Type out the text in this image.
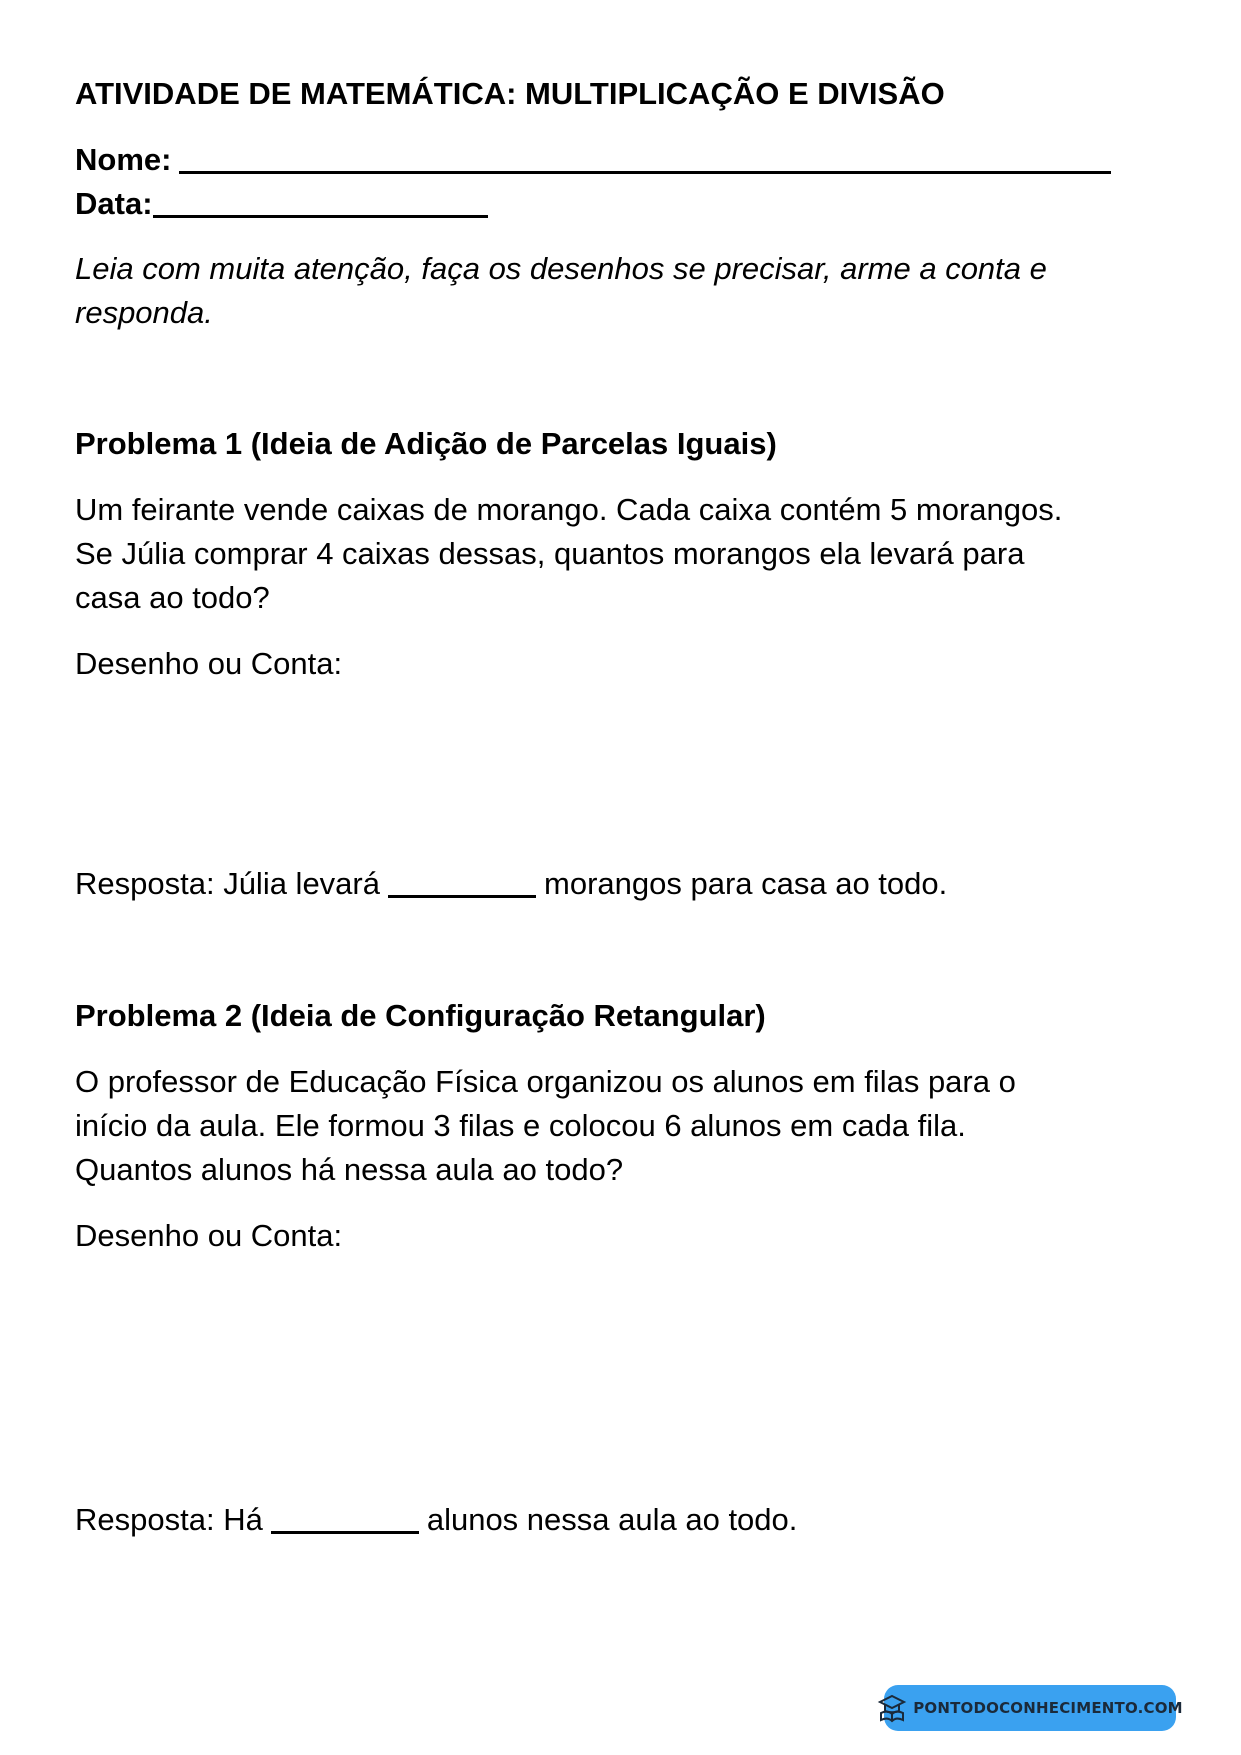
ATIVIDADE DE MATEMÁTICA: MULTIPLICAÇÃO E DIVISÃO
Nome:
Data:
Leia com muita atenção, faça os desenhos se precisar, arme a conta e
responda.
Problema 1 (Ideia de Adição de Parcelas Iguais)
Um feirante vende caixas de morango. Cada caixa contém 5 morangos.
Se Júlia comprar 4 caixas dessas, quantos morangos ela levará para
casa ao todo?
Desenho ou Conta:
Resposta: Júlia levará	morangos para casa ao todo.
Problema 2 (Ideia de Configuração Retangular)
O professor de Educação Física organizou os alunos em filas para o
início da aula. Ele formou 3 filas e colocou 6 alunos em cada fila.
Quantos alunos há nessa aula ao todo?
Desenho ou Conta:
Resposta: Há	alunos nessa aula ao todo.
PONTODOCONHECIMENTO.COM
